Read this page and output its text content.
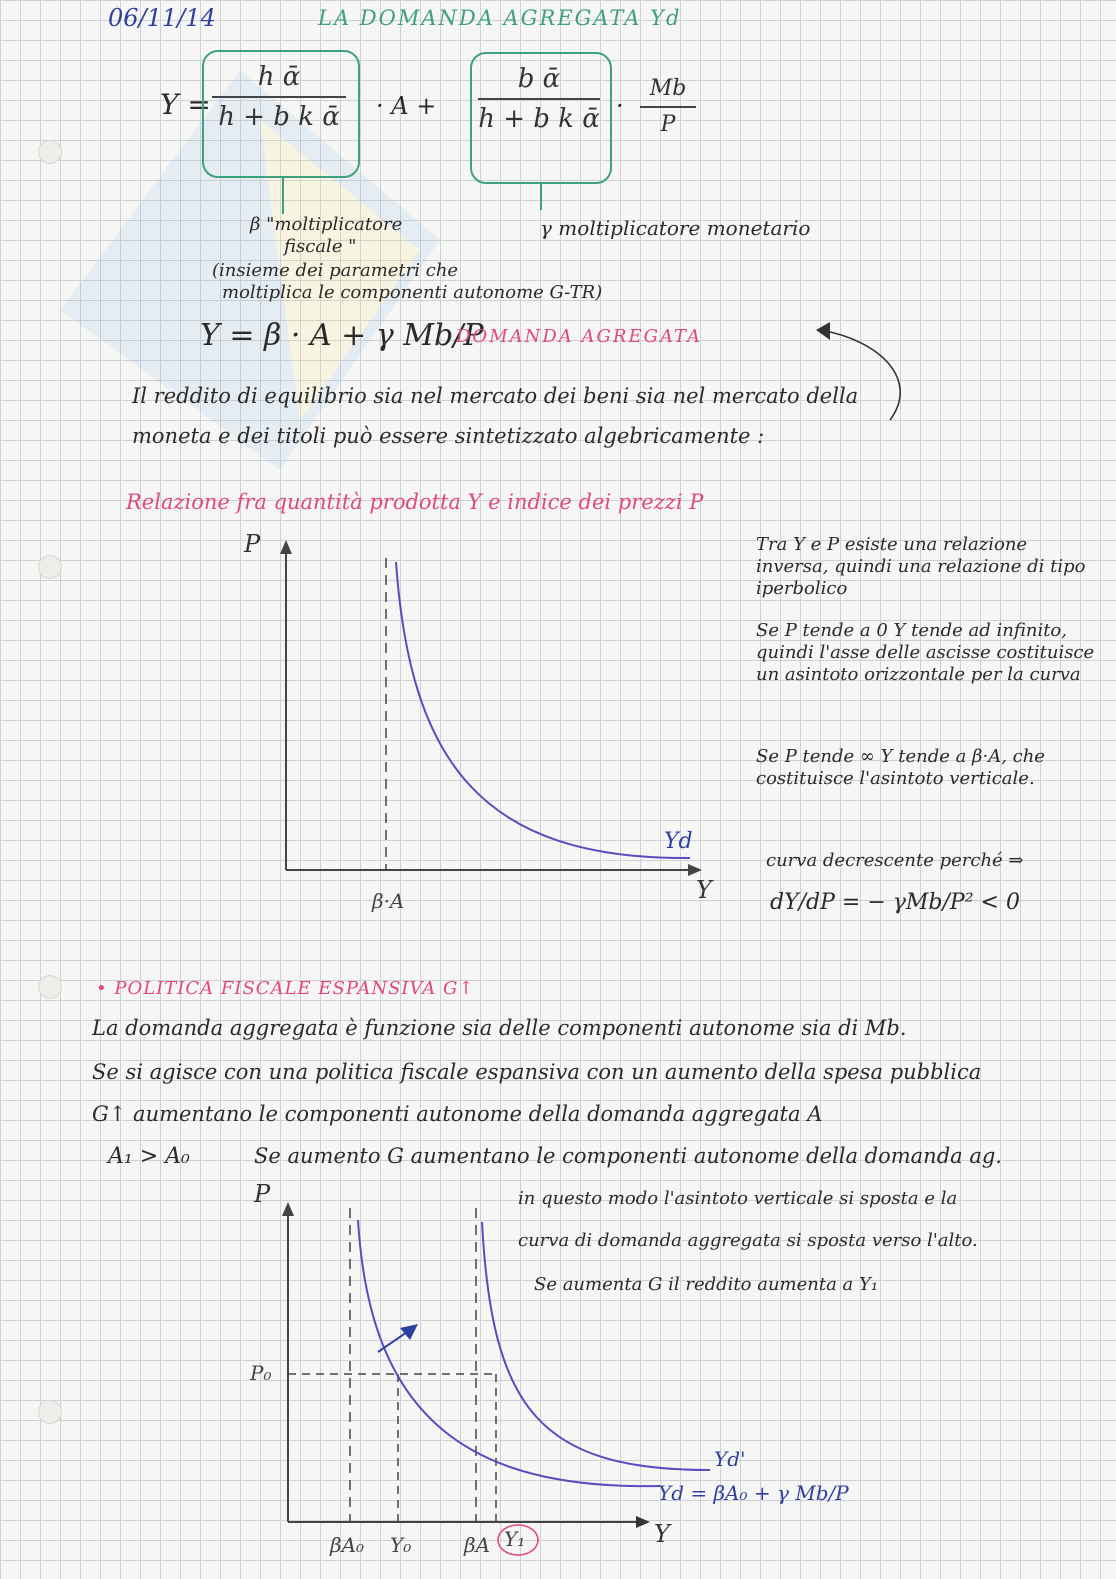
06/11/14	LA DOMANDA AGREGATA Yd
Y =
h ᾱ
h + b k ᾱ · A +
b ᾱ
h + b k ᾱ ·
Mb
P
β "moltiplicatore
fiscale "
(insieme dei parametri che
moltiplica le componenti autonome G-TR)
γ moltiplicatore monetario
Y = β · A + γ Mb/P
DOMANDA AGREGATA
Il reddito di equilibrio sia nel mercato dei beni sia nel mercato della
moneta e dei titoli può essere sintetizzato algebricamente :
Relazione fra quantità prodotta Y e indice dei prezzi P
P
Y
β·A
Yd
Tra Y e P esiste una relazione inversa, quindi una relazione di tipo iperbolico
Se P tende a 0 Y tende ad infinito, quindi l'asse delle ascisse costituisce un asintoto orizzontale per la curva
Se P tende ∞ Y tende a β·A, che costituisce l'asintoto verticale.
curva decrescente perché ⇒
dY/dP = − γMb/P² < 0
• POLITICA FISCALE ESPANSIVA G↑
La domanda aggregata è funzione sia delle componenti autonome sia di Mb.
Se si agisce con una politica fiscale espansiva con un aumento della spesa pubblica
G↑ aumentano le componenti autonome della domanda aggregata A
A₁ > A₀	Se aumento G aumentano le componenti autonome della domanda ag.
in questo modo l'asintoto verticale si sposta e la
curva di domanda aggregata si sposta verso l'alto.
Se aumenta G il reddito aumenta a Y₁
P
Y
P₀
βA₀ Y₀	βA Y₁
Yd'
Yd = βA₀ + γ Mb/P
